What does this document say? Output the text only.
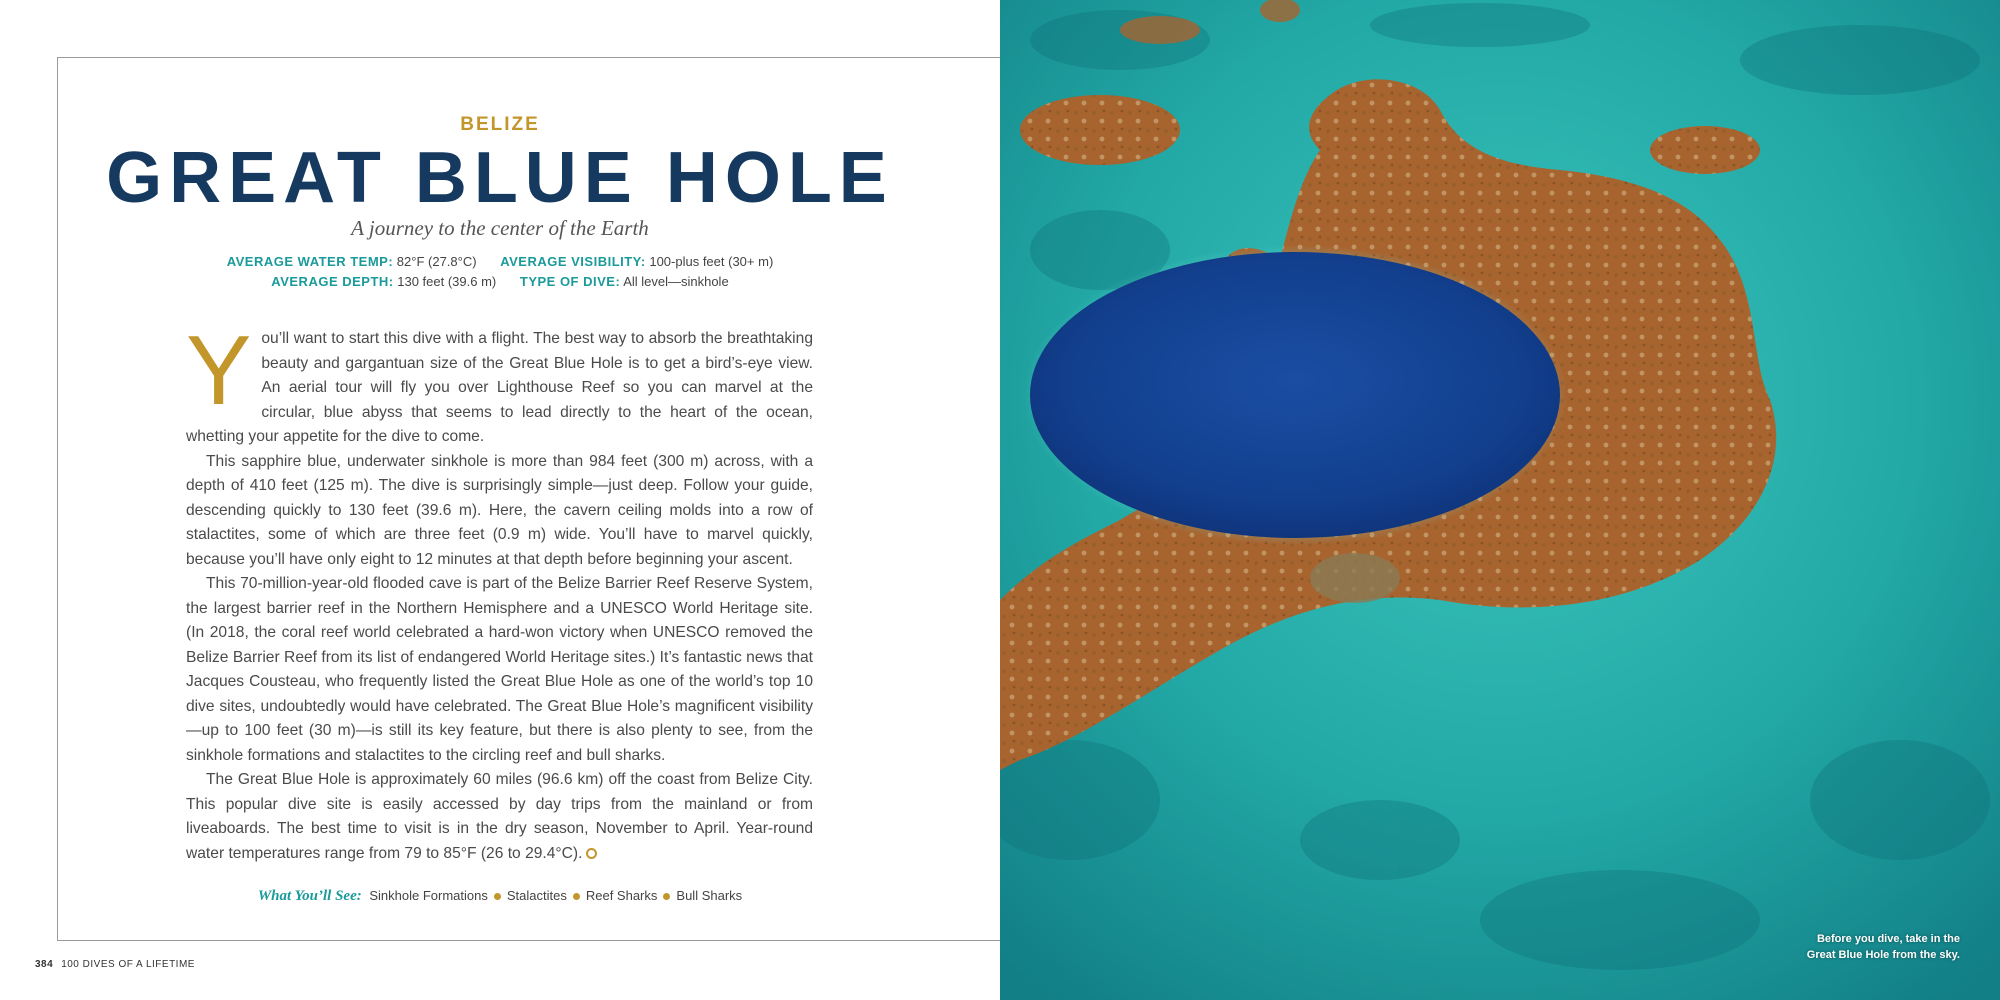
BELIZE
GREAT BLUE HOLE
A journey to the center of the Earth
AVERAGE WATER TEMP: 82°F (27.8°C) AVERAGE VISIBILITY: 100-plus feet (30+ m)
AVERAGE DEPTH: 130 feet (39.6 m) TYPE OF DIVE: All level—sinkhole

You’ll want to start this dive with a flight. The best way to absorb the breathtaking beauty and gargantuan size of the Great Blue Hole is to get a bird’s-eye view. An aerial tour will fly you over Lighthouse Reef so you can marvel at the circular, blue abyss that seems to lead directly to the heart of the ocean, whetting your appetite for the dive to come.

This sapphire blue, underwater sinkhole is more than 984 feet (300 m) across, with a depth of 410 feet (125 m). The dive is surprisingly simple—just deep. Follow your guide, descending quickly to 130 feet (39.6 m). Here, the cavern ceiling molds into a row of stalactites, some of which are three feet (0.9 m) wide. You’ll have to marvel quickly, because you’ll have only eight to 12 minutes at that depth before beginning your ascent.

This 70-million-year-old flooded cave is part of the Belize Barrier Reef Reserve System, the largest barrier reef in the Northern Hemisphere and a UNESCO World Heritage site. (In 2018, the coral reef world celebrated a hard-won victory when UNESCO removed the Belize Barrier Reef from its list of endangered World Heritage sites.) It’s fantastic news that Jacques Cousteau, who frequently listed the Great Blue Hole as one of the world’s top 10 dive sites, undoubtedly would have celebrated. The Great Blue Hole’s magnificent visibility—up to 100 feet (30 m)—is still its key feature, but there is also plenty to see, from the sinkhole formations and stalactites to the circling reef and bull sharks.

The Great Blue Hole is approximately 60 miles (96.6 km) off the coast from Belize City. This popular dive site is easily accessed by day trips from the mainland or from liveaboards. The best time to visit is in the dry season, November to April. Year-round water temperatures range from 79 to 85°F (26 to 29.4°C).

What You’ll See: Sinkhole Formations Stalactites Reef Sharks Bull Sharks
384 100 DIVES OF A LIFETIME
Before you dive, take in the
Great Blue Hole from the sky.
